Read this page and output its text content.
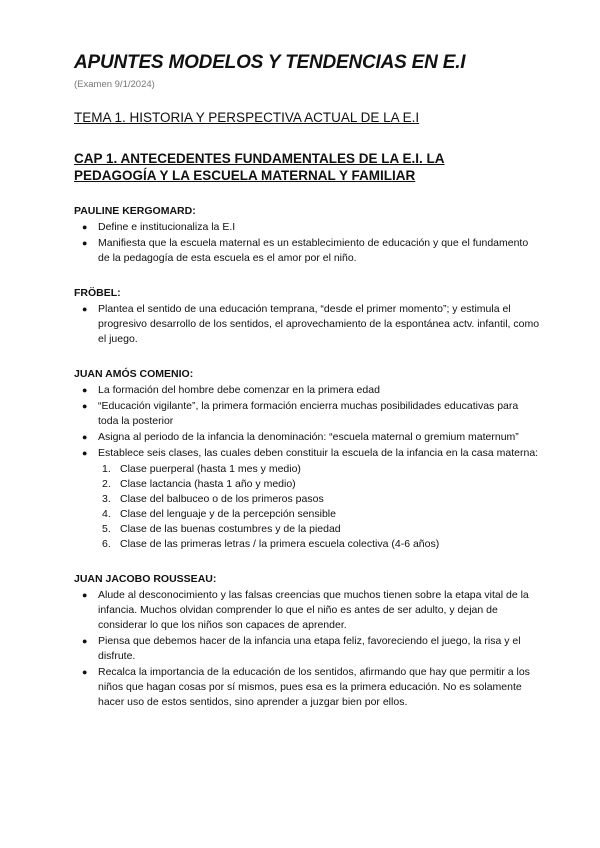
APUNTES MODELOS Y TENDENCIAS EN E.I

(Examen 9/1/2024)

TEMA 1. HISTORIA Y PERSPECTIVA ACTUAL DE LA E.I
CAP 1. ANTECEDENTES FUNDAMENTALES DE LA E.I. LA
PEDAGOGÍA Y LA ESCUELA MATERNAL Y FAMILIAR
PAULINE KERGOMARD:
● Define e institucionaliza la E.I
● Manifiesta que la escuela maternal es un establecimiento de educación y que el fundamento de la pedagogía de esta escuela es el amor por el niño.
FRÖBEL:
● Plantea el sentido de una educación temprana, “desde el primer momento”; y estimula el progresivo desarrollo de los sentidos, el aprovechamiento de la espontánea actv. infantil, como el juego.
JUAN AMÓS COMENIO:
● La formación del hombre debe comenzar en la primera edad
● “Educación vigilante”, la primera formación encierra muchas posibilidades educativas para toda la posterior
● Asigna al periodo de la infancia la denominación: “escuela maternal o gremium maternum”
● Establece seis clases, las cuales deben constituir la escuela de la infancia en la casa materna:
1. Clase puerperal (hasta 1 mes y medio)
2. Clase lactancia (hasta 1 año y medio)
3. Clase del balbuceo o de los primeros pasos
4. Clase del lenguaje y de la percepción sensible
5. Clase de las buenas costumbres y de la piedad
6. Clase de las primeras letras / la primera escuela colectiva (4-6 años)
JUAN JACOBO ROUSSEAU:
● Alude al desconocimiento y las falsas creencias que muchos tienen sobre la etapa vital de la infancia. Muchos olvidan comprender lo que el niño es antes de ser adulto, y dejan de considerar lo que los niños son capaces de aprender.
● Piensa que debemos hacer de la infancia una etapa feliz, favoreciendo el juego, la risa y el disfrute.
● Recalca la importancia de la educación de los sentidos, afirmando que hay que permitir a los niños que hagan cosas por sí mismos, pues esa es la primera educación. No es solamente hacer uso de estos sentidos, sino aprender a juzgar bien por ellos.
